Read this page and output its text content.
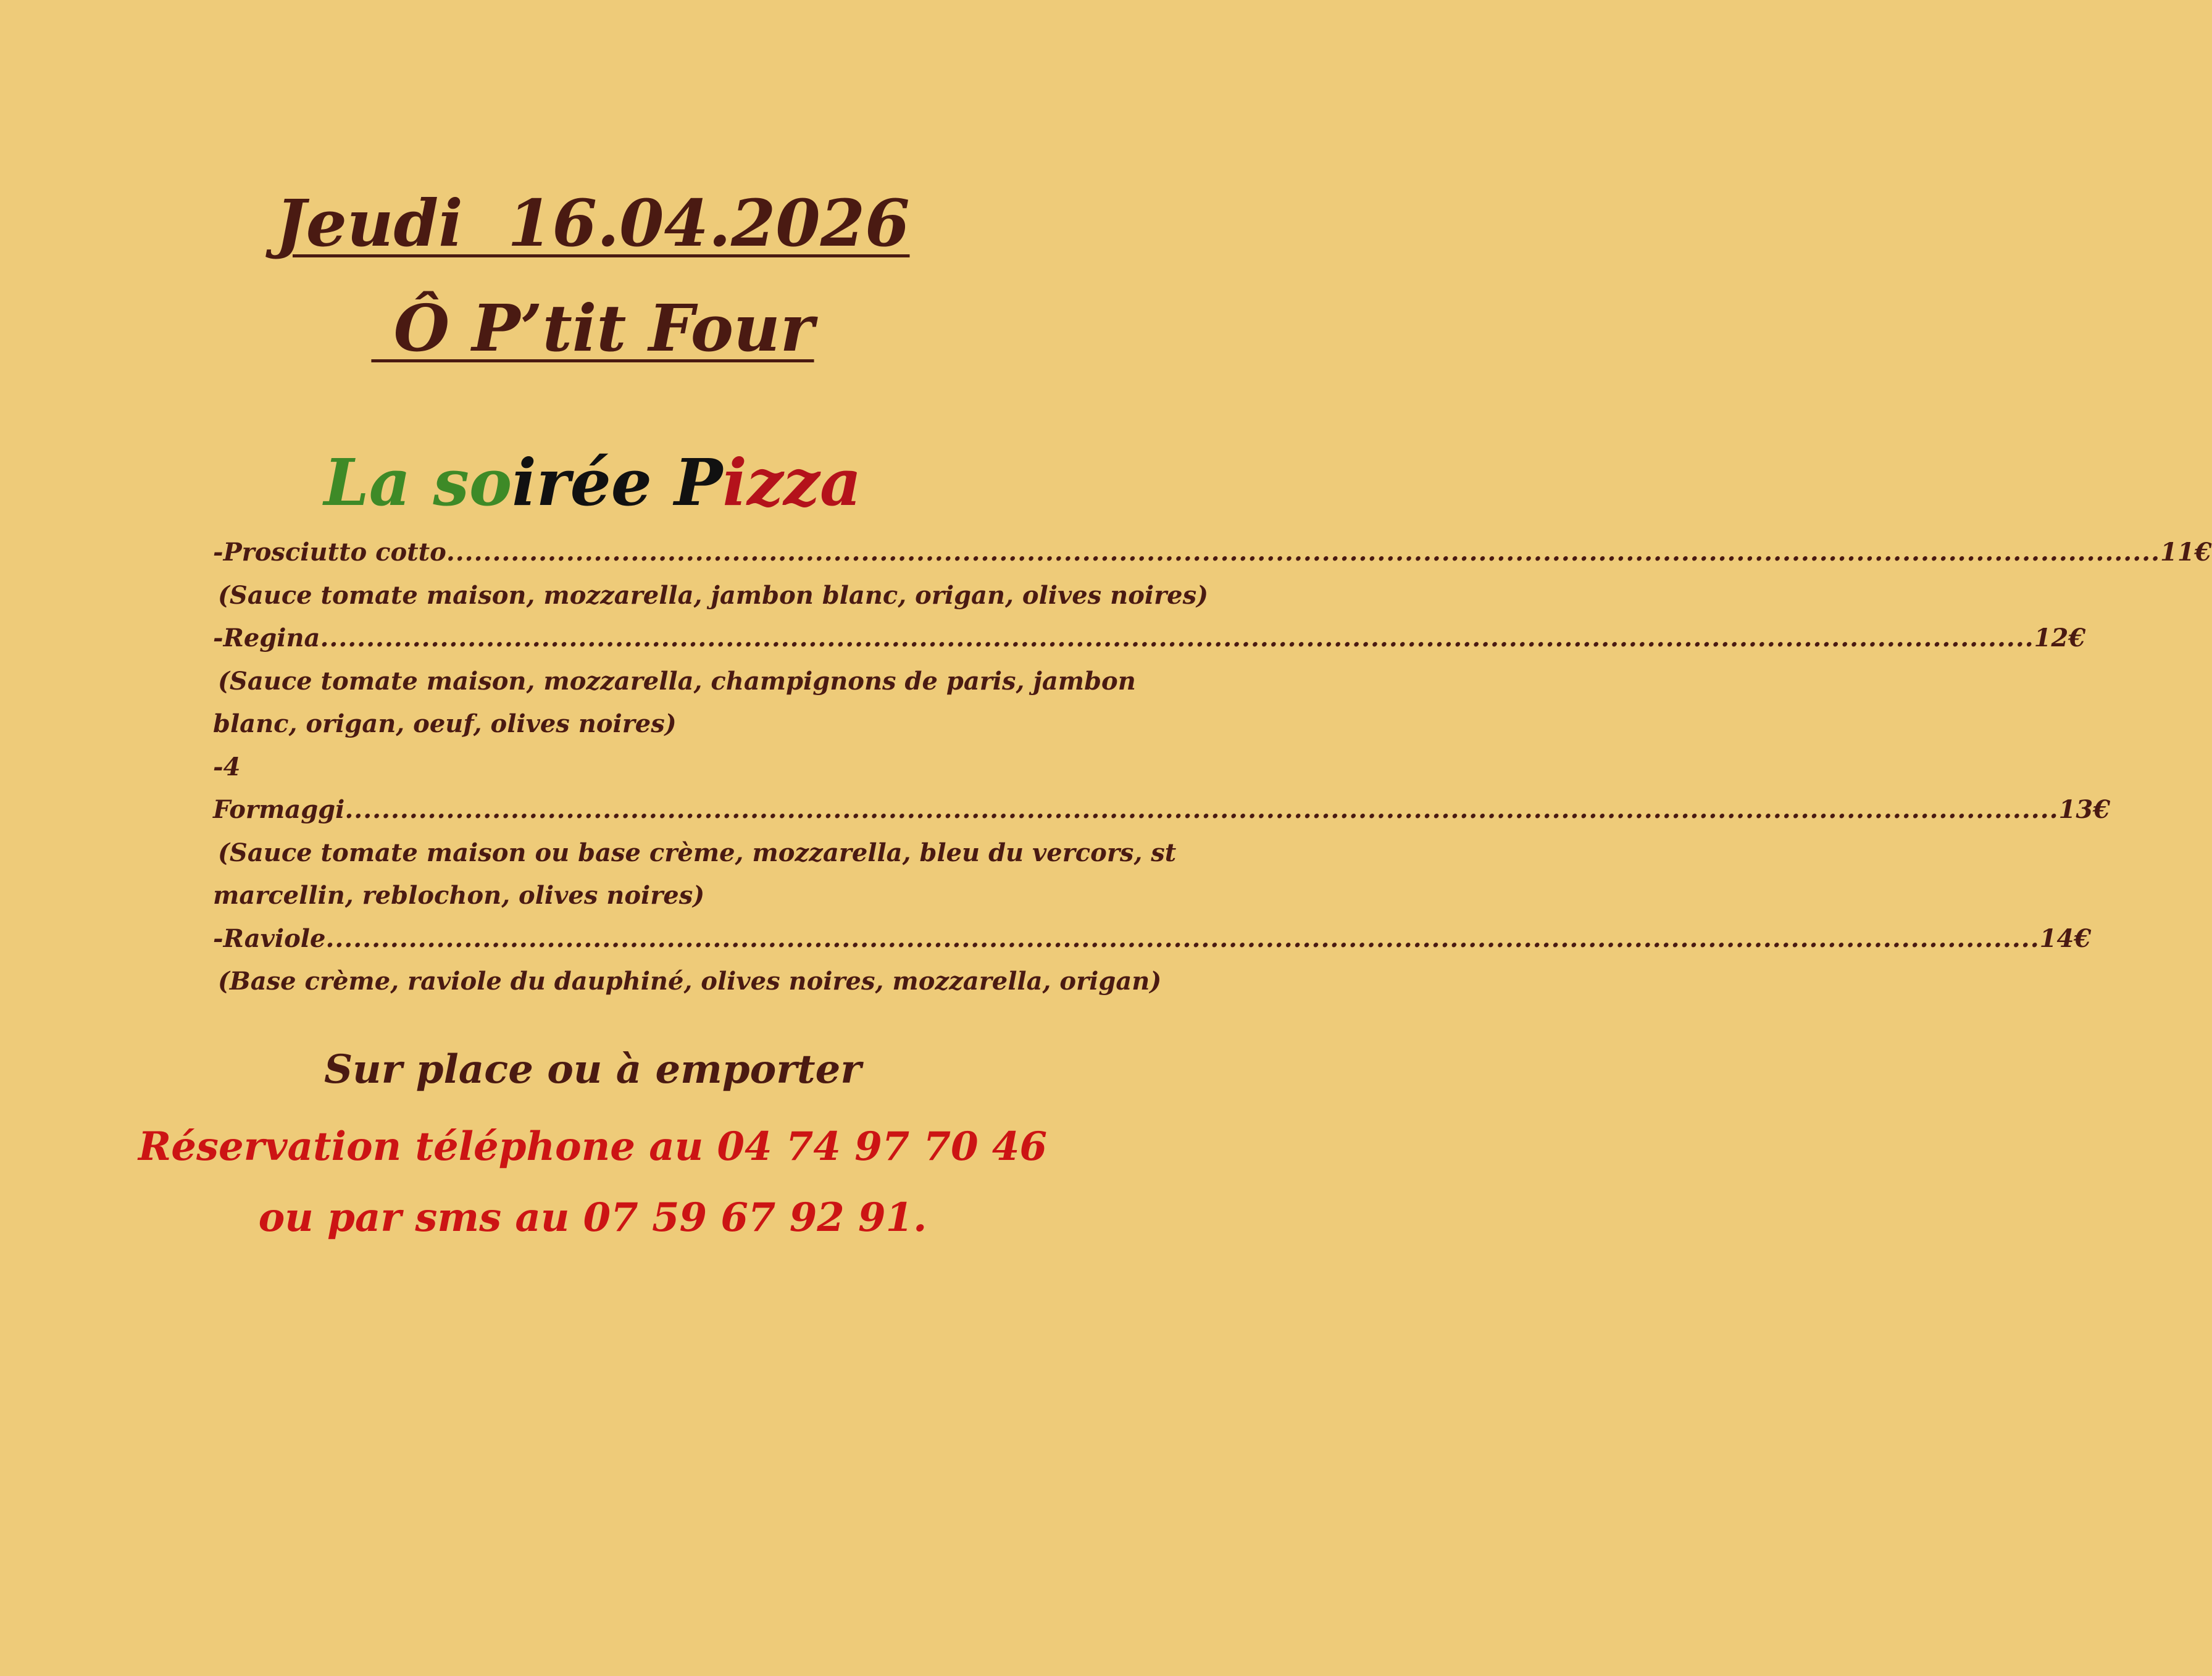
Jeudi  16.04.2026
Ô P’tit Four
La soirée Pizza
-Prosciutto cotto .......................................................................................................................................................................................... 11€
(Sauce tomate maison, mozzarella, jambon blanc, origan, olives noires)
-Regina .......................................................................................................................................................................................... 12€
(Sauce tomate maison, mozzarella, champignons de paris, jambon
blanc, origan, oeuf, olives noires)
-4
Formaggi .......................................................................................................................................................................................... 13€
(Sauce tomate maison ou base crème, mozzarella, bleu du vercors, st
marcellin, reblochon, olives noires)
-Raviole .......................................................................................................................................................................................... 14€
(Base crème, raviole du dauphiné, olives noires, mozzarella, origan)
Sur place ou à emporter
Réservation téléphone au 04 74 97 70 46
ou par sms au 07 59 67 92 91.
